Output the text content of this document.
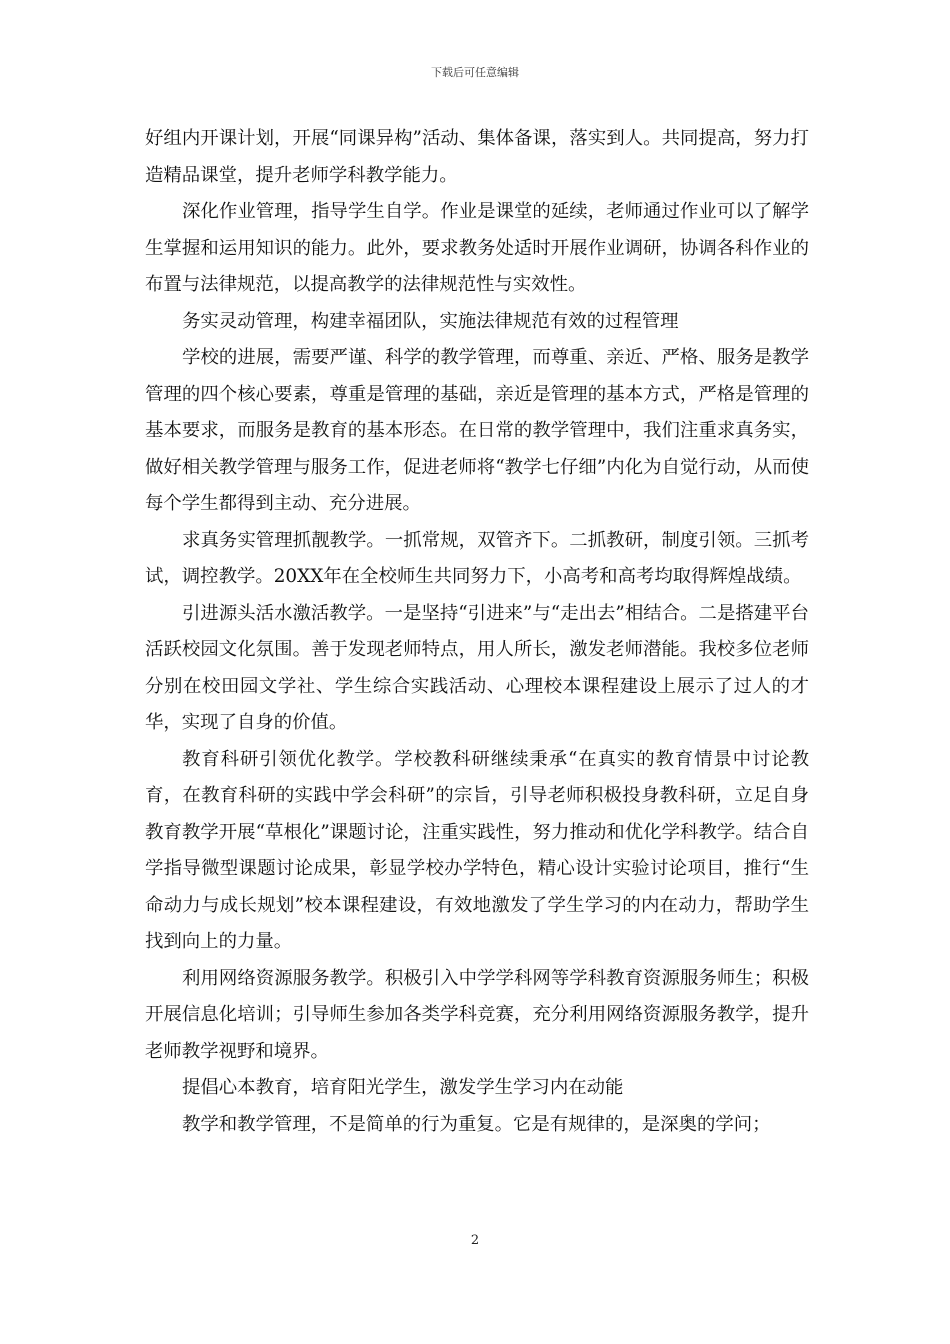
下载后可任意编辑

好组内开课计划，开展“同课异构”活动、集体备课，落实到人。共同提高，努力打造精品课堂，提升老师学科教学能力。

深化作业管理，指导学生自学。作业是课堂的延续，老师通过作业可以了解学生掌握和运用知识的能力。此外，要求教务处适时开展作业调研，协调各科作业的布置与法律规范，以提高教学的法律规范性与实效性。

务实灵动管理，构建幸福团队，实施法律规范有效的过程管理

学校的进展，需要严谨、科学的教学管理，而尊重、亲近、严格、服务是教学管理的四个核心要素，尊重是管理的基础，亲近是管理的基本方式，严格是管理的基本要求，而服务是教育的基本形态。在日常的教学管理中，我们注重求真务实，做好相关教学管理与服务工作，促进老师将“教学七仔细”内化为自觉行动，从而使每个学生都得到主动、充分进展。

求真务实管理抓靓教学。一抓常规，双管齐下。二抓教研，制度引领。三抓考试，调控教学。20XX年在全校师生共同努力下，小高考和高考均取得辉煌战绩。

引进源头活水激活教学。一是坚持“引进来”与“走出去”相结合。二是搭建平台活跃校园文化氛围。善于发现老师特点，用人所长，激发老师潜能。我校多位老师分别在校田园文学社、学生综合实践活动、心理校本课程建设上展示了过人的才华，实现了自身的价值。

教育科研引领优化教学。学校教科研继续秉承“在真实的教育情景中讨论教育，在教育科研的实践中学会科研”的宗旨，引导老师积极投身教科研，立足自身教育教学开展“草根化”课题讨论，注重实践性，努力推动和优化学科教学。结合自学指导微型课题讨论成果，彰显学校办学特色，精心设计实验讨论项目，推行“生命动力与成长规划”校本课程建设，有效地激发了学生学习的内在动力，帮助学生找到向上的力量。

利用网络资源服务教学。积极引入中学学科网等学科教育资源服务师生；积极开展信息化培训；引导师生参加各类学科竞赛，充分利用网络资源服务教学，提升老师教学视野和境界。

提倡心本教育，培育阳光学生，激发学生学习内在动能

教学和教学管理，不是简单的行为重复。它是有规律的，是深奥的学问；

2
